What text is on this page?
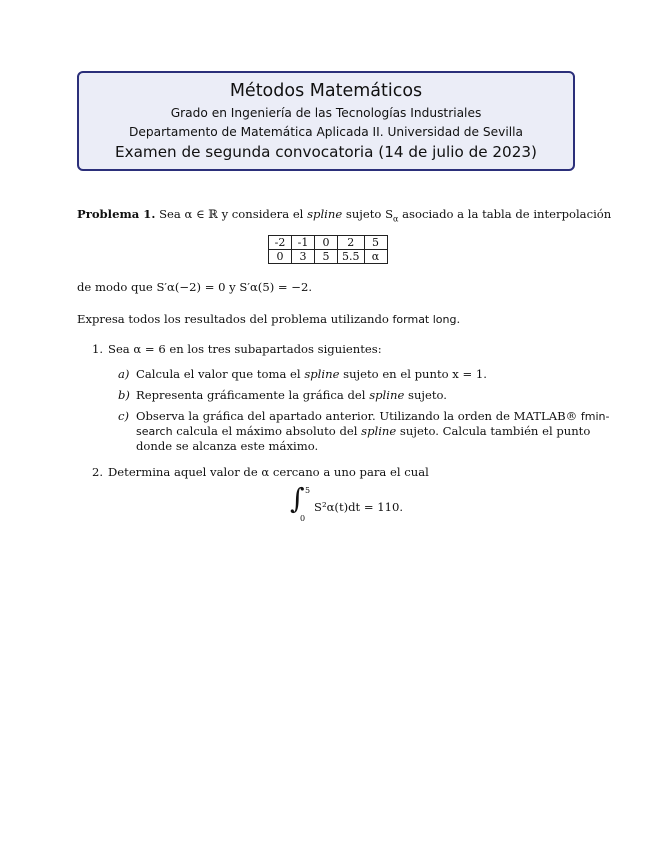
Métodos Matemáticos
Grado en Ingeniería de las Tecnologías Industriales
Departamento de Matemática Aplicada II. Universidad de Sevilla
Examen de segunda convocatoria (14 de julio de 2023)
Problema 1. Sea α ∈ ℝ y considera el spline sujeto $S_\alpha$ asociado a la tabla de interpolación
-2	-1	0	2	5
0	3	5	5.5	α
de modo que S′α(−2) = 0 y S′α(5) = −2.
Expresa todos los resultados del problema utilizando format long.
1. Sea α = 6 en los tres subapartados siguientes:
a) Calcula el valor que toma el spline sujeto en el punto x = 1.
b) Representa gráficamente la gráfica del spline sujeto.
c) Observa la gráfica del apartado anterior. Utilizando la orden de MATLAB® fmin-
search calcula el máximo absoluto del spline sujeto. Calcula también el punto
donde se alcanza este máximo.
2. Determina aquel valor de α cercano a uno para el cual
∫ 5
0
S²α(t)dt = 110.
